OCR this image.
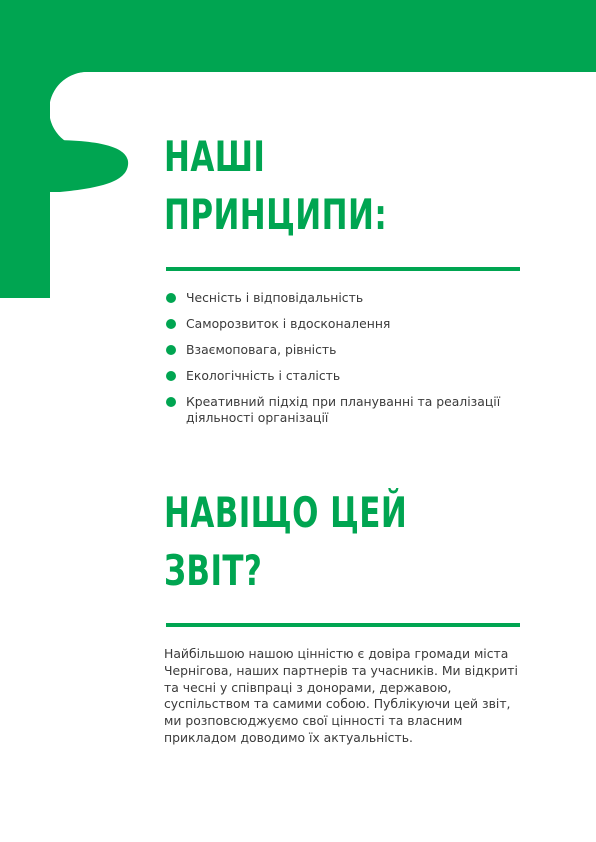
НАШІ
ПРИНЦИПИ:
Чесність і відповідальність
Саморозвиток і вдосконалення
Взаємоповага, рівність
Екологічність і сталість
Креативний підхід при плануванні та реалізації діяльності організації
НАВІЩО ЦЕЙ
ЗВІТ?

Найбільшою нашою цінністю є довіра громади міста Чернігова, наших партнерів та учасників. Ми відкриті та чесні у співпраці з донорами, державою, суспільством та самими собою. Публікуючи цей звіт, ми розповсюджуємо свої цінності та власним прикладом доводимо їх актуальність.
